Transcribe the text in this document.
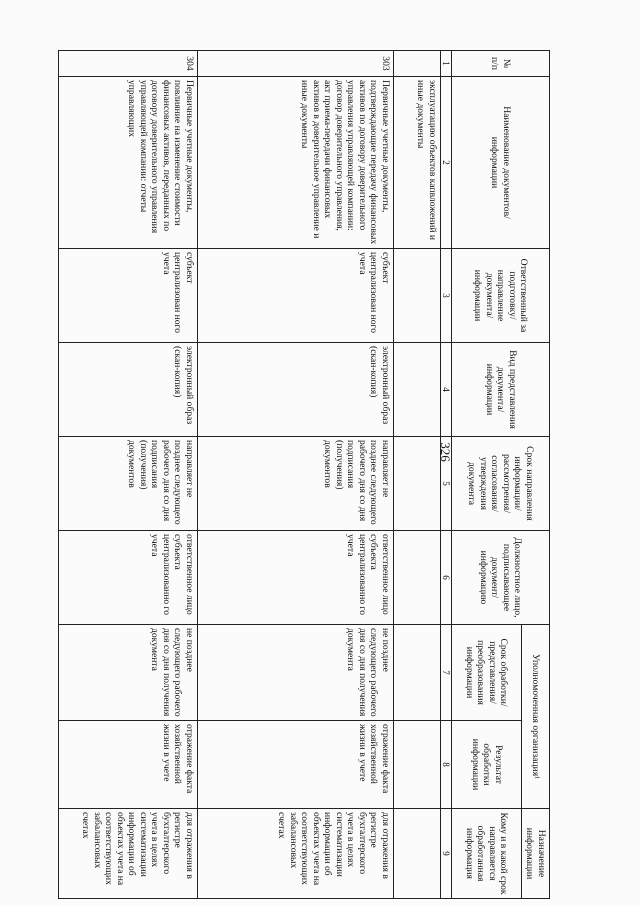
326
№ п/п	Наименование документов/ информации	Ответственный за подготовку/ направление документа/ информации	Вид представления документа/ информации	Срок направления информации/ рассмотрения/ согласования/ утверждения документа	Должностное лицо, подписывающее документ/ информацию	Уполномоченная организация¹		Назначение информации
						Срок обработки/ представления/ преобразования информации	Результат обработки информации	Кому и в какой срок направляется обработанная информация
1	2	3	4	5	6	7	8	9
	эксплуатацию объектов капвложений и иные документы							
303	Первичные учетные документы, подтверждающие передачу финансовых активов по договору доверительного управления управляющей компании: договор доверительного управления, акт приема-передачи финансовых активов в доверительное управление и иные документы	субъект централизован ного учета	электронный образ (скан-копия)	направляет не позднее следующего рабочего дня со дня подписания (получения) документов	ответственное лицо субъекта централизованно го учета	не позднее следующего рабочего дня со дня получения документа	отражение факта хозяйственной жизни в учете	для отражения в регистре бухгалтерского учета в целях систематизации информации об объектах учета на соответствующих забалансовых счетах
304	Первичные учетные документы, повлияние на изменение стоимости финансовых активов, переданных по договору доверительного управления управляющей компании: отчеты управляющих	субъект централизован ного учета	электронный образ (скан-копия)	направляет не позднее следующего рабочего дня со дня подписания (получения) документов	ответственное лицо субъекта централизованно го учета	не позднее следующего рабочего дня со дня получения документа	отражение факта хозяйственной жизни в учете	для отражения в регистре бухгалтерского учета в целях систематизации информации об объектах учета на соответствующих забалансовых счетах
